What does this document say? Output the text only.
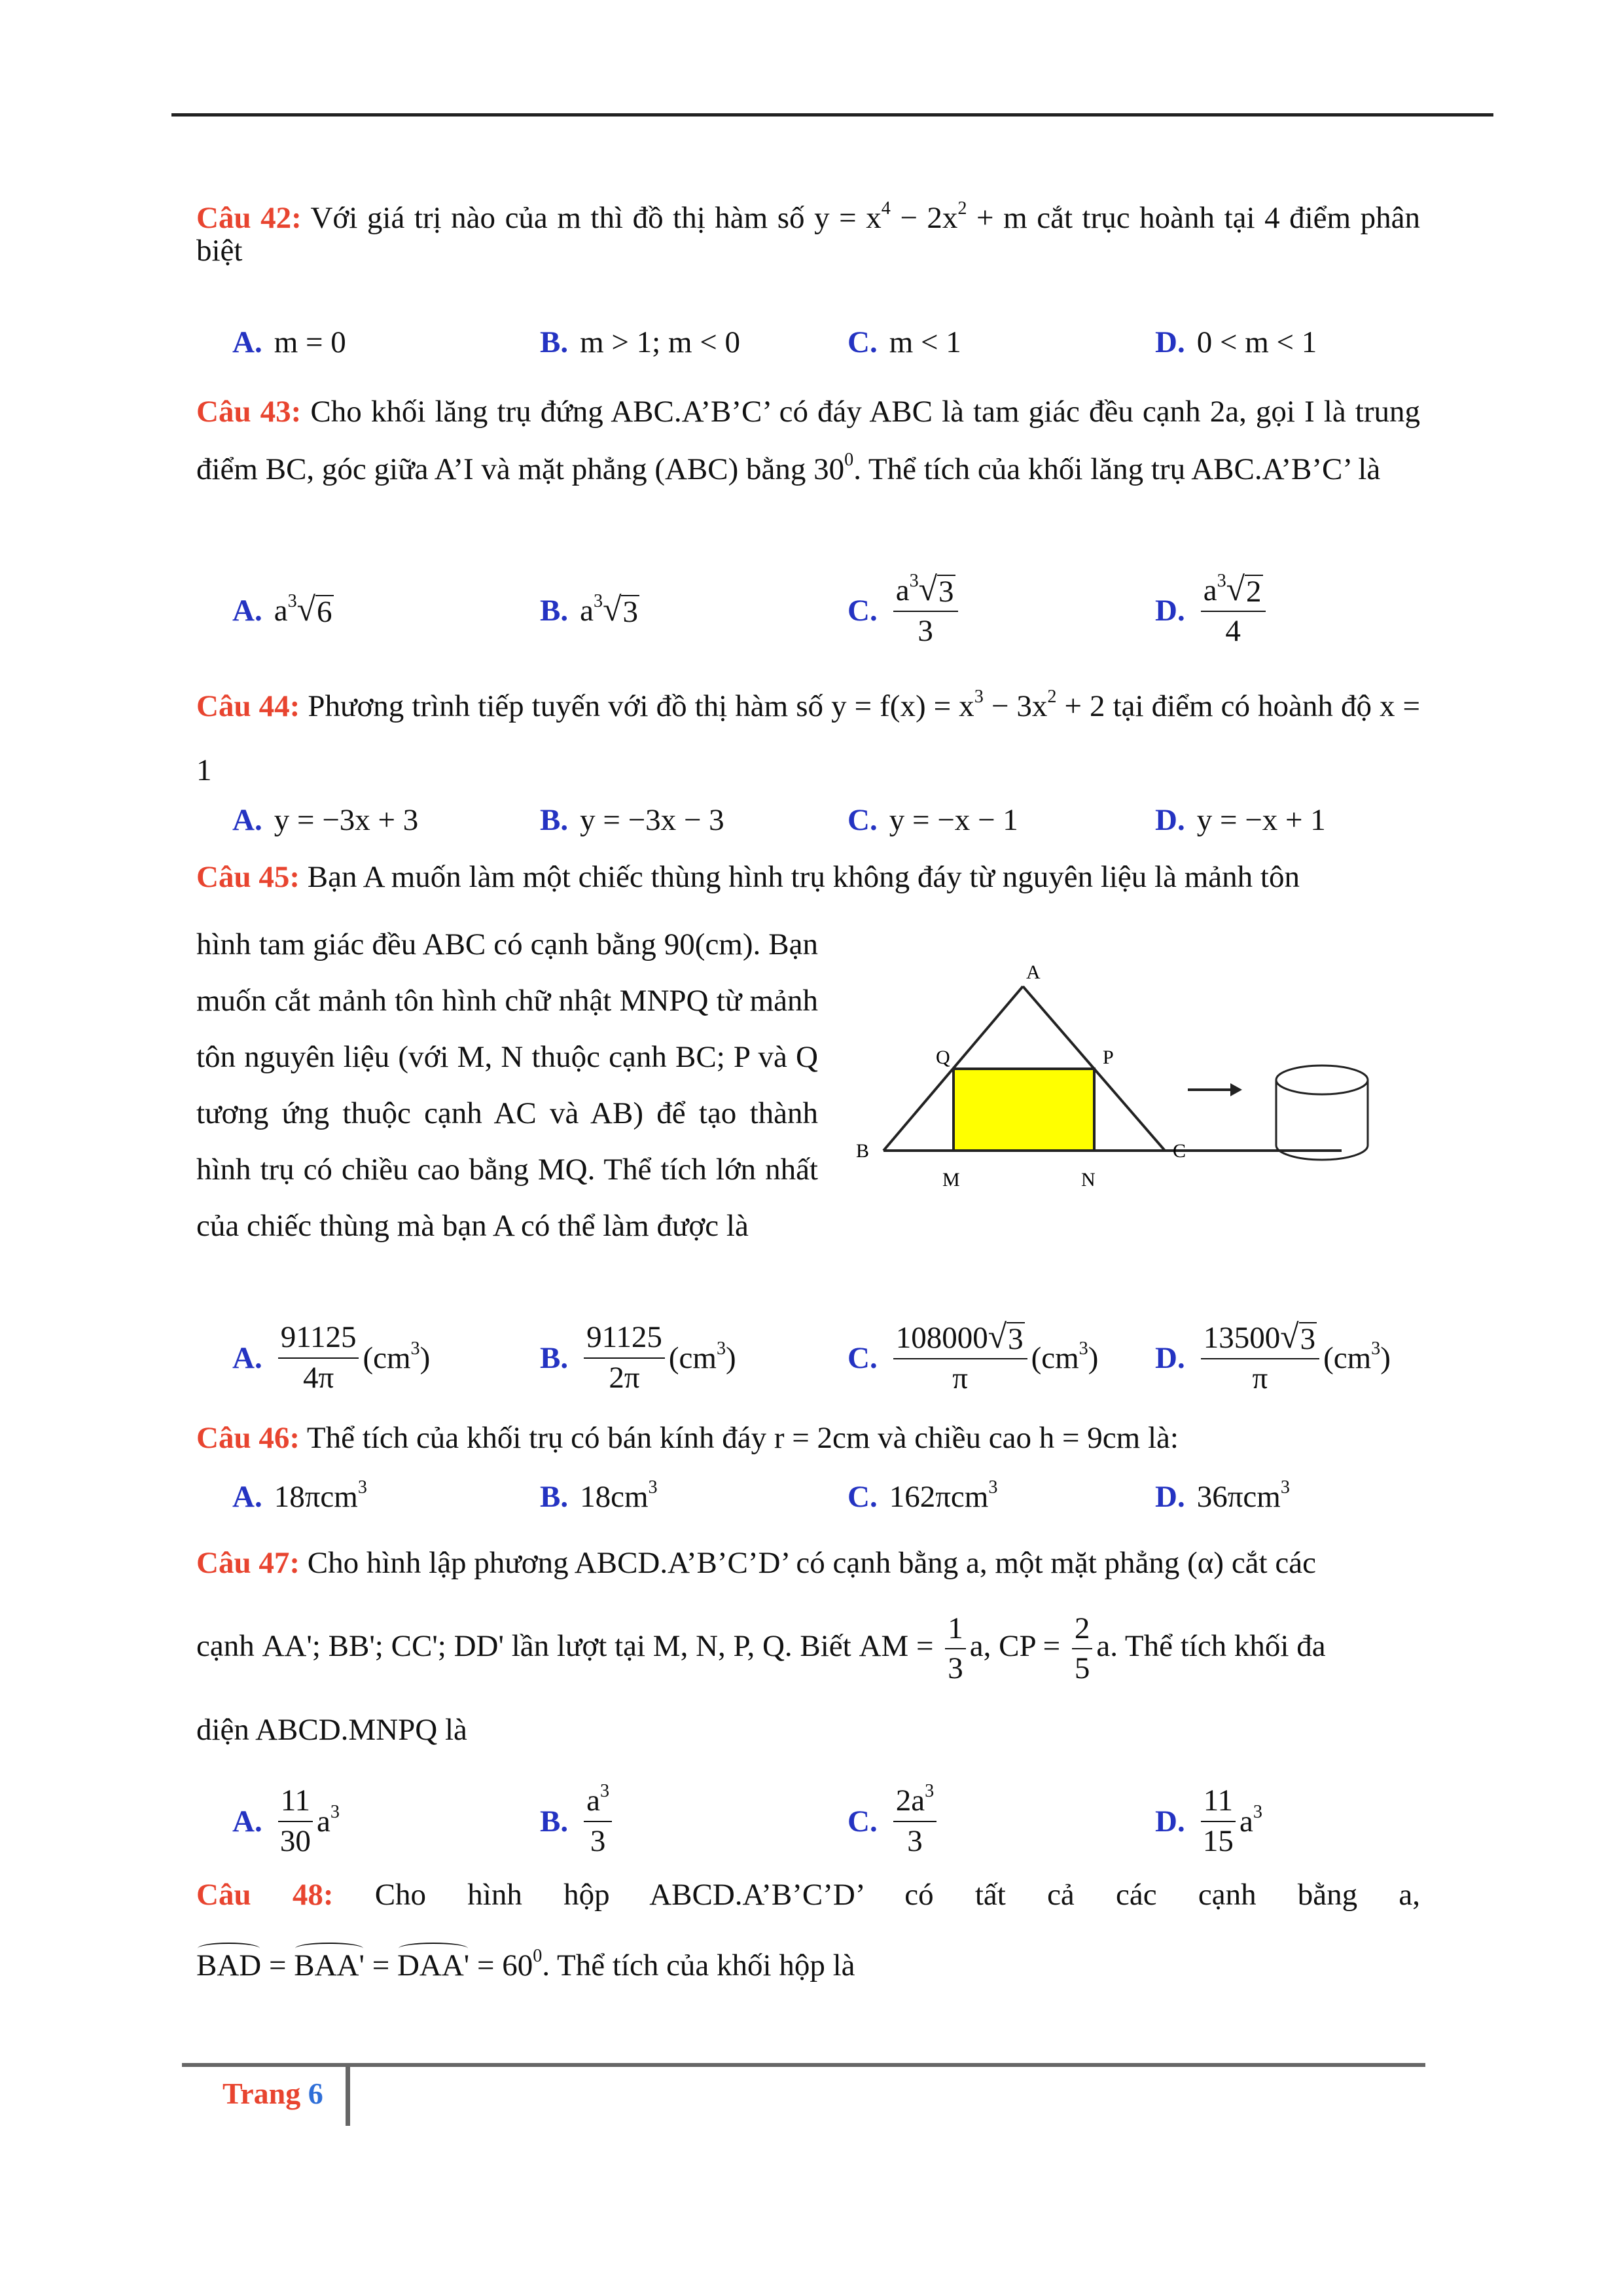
Câu 42: Với giá trị nào của m thì đồ thị hàm số $y = x^4 - 2x^2 + m$ cắt trục hoành tại 4 điểm phân biệt
A. m = 0	B. m > 1; m < 0	C. m < 1	D. 0 < m < 1
Câu 43: Cho khối lăng trụ đứng ABC.A’B’C’ có đáy ABC là tam giác đều cạnh 2a, gọi I là trung điểm BC, góc giữa A’I và mặt phẳng (ABC) bằng $30^0$. Thể tích của khối lăng trụ ABC.A’B’C’ là
A. $a^3$ √ 6	B. $a^3$ √ 3	C. $\frac{a^3 √ 3}{3}$	D. $\frac{a^3 √ 2}{4}$
Câu 44: Phương trình tiếp tuyến với đồ thị hàm số $y = f(x) = x^3 - 3x^2 + 2$ tại điểm có hoành độ x = 1
A. y = −3x + 3	B. y = −3x − 3	C. y = −x − 1	D. y = −x + 1
Câu 45: Bạn A muốn làm một chiếc thùng hình trụ không đáy từ nguyên liệu là mảnh tôn
hình tam giác đều ABC có cạnh bằng 90(cm). Bạn muốn cắt mảnh tôn hình chữ nhật MNPQ từ mảnh tôn nguyên liệu (với M, N thuộc cạnh BC; P và Q tương ứng thuộc cạnh AC và AB) để tạo thành hình trụ có chiều cao bằng MQ. Thể tích lớn nhất của chiếc thùng mà bạn A có thể làm được là
A
B	C
M	N
P
Q
A. $\frac{91125}{4\pi} (cm^3)$	B. $\frac{91125}{2\pi} (cm^3)$	C. $\frac{108000 √ 3}{\pi} (cm^3)$ D. $\frac{13500 √ 3}{\pi} (cm^3)$
Câu 46: Thể tích của khối trụ có bán kính đáy r = 2cm và chiều cao h = 9cm là:
A. 18πcm$^3$	B. $18cm^3$	C. 162πcm$^3$	D. 36πcm$^3$
Câu 47: Cho hình lập phương ABCD.A’B’C’D’ có cạnh bằng a, một mặt phẳng (α) cắt các
cạnh AA'; BB'; CC'; DD' lần lượt tại M, N, P, Q. Biết AM = $\frac{1}{3} a$, CP = $\frac{2}{5} a$. Thể tích khối đa
diện ABCD.MNPQ là
A. $\frac{11}{30} a^3$	B. $\frac{a^3}{3}$	C. $\frac{2a^3}{3}$	D. $\frac{11}{15} a^3$
Câu 48: Cho hình hộp ABCD.A’B’C’D’ có tất cả các cạnh bằng a,
BAD = $BAA' = DAA' = 60^0$. Thể tích của khối hộp là
Trang 6
